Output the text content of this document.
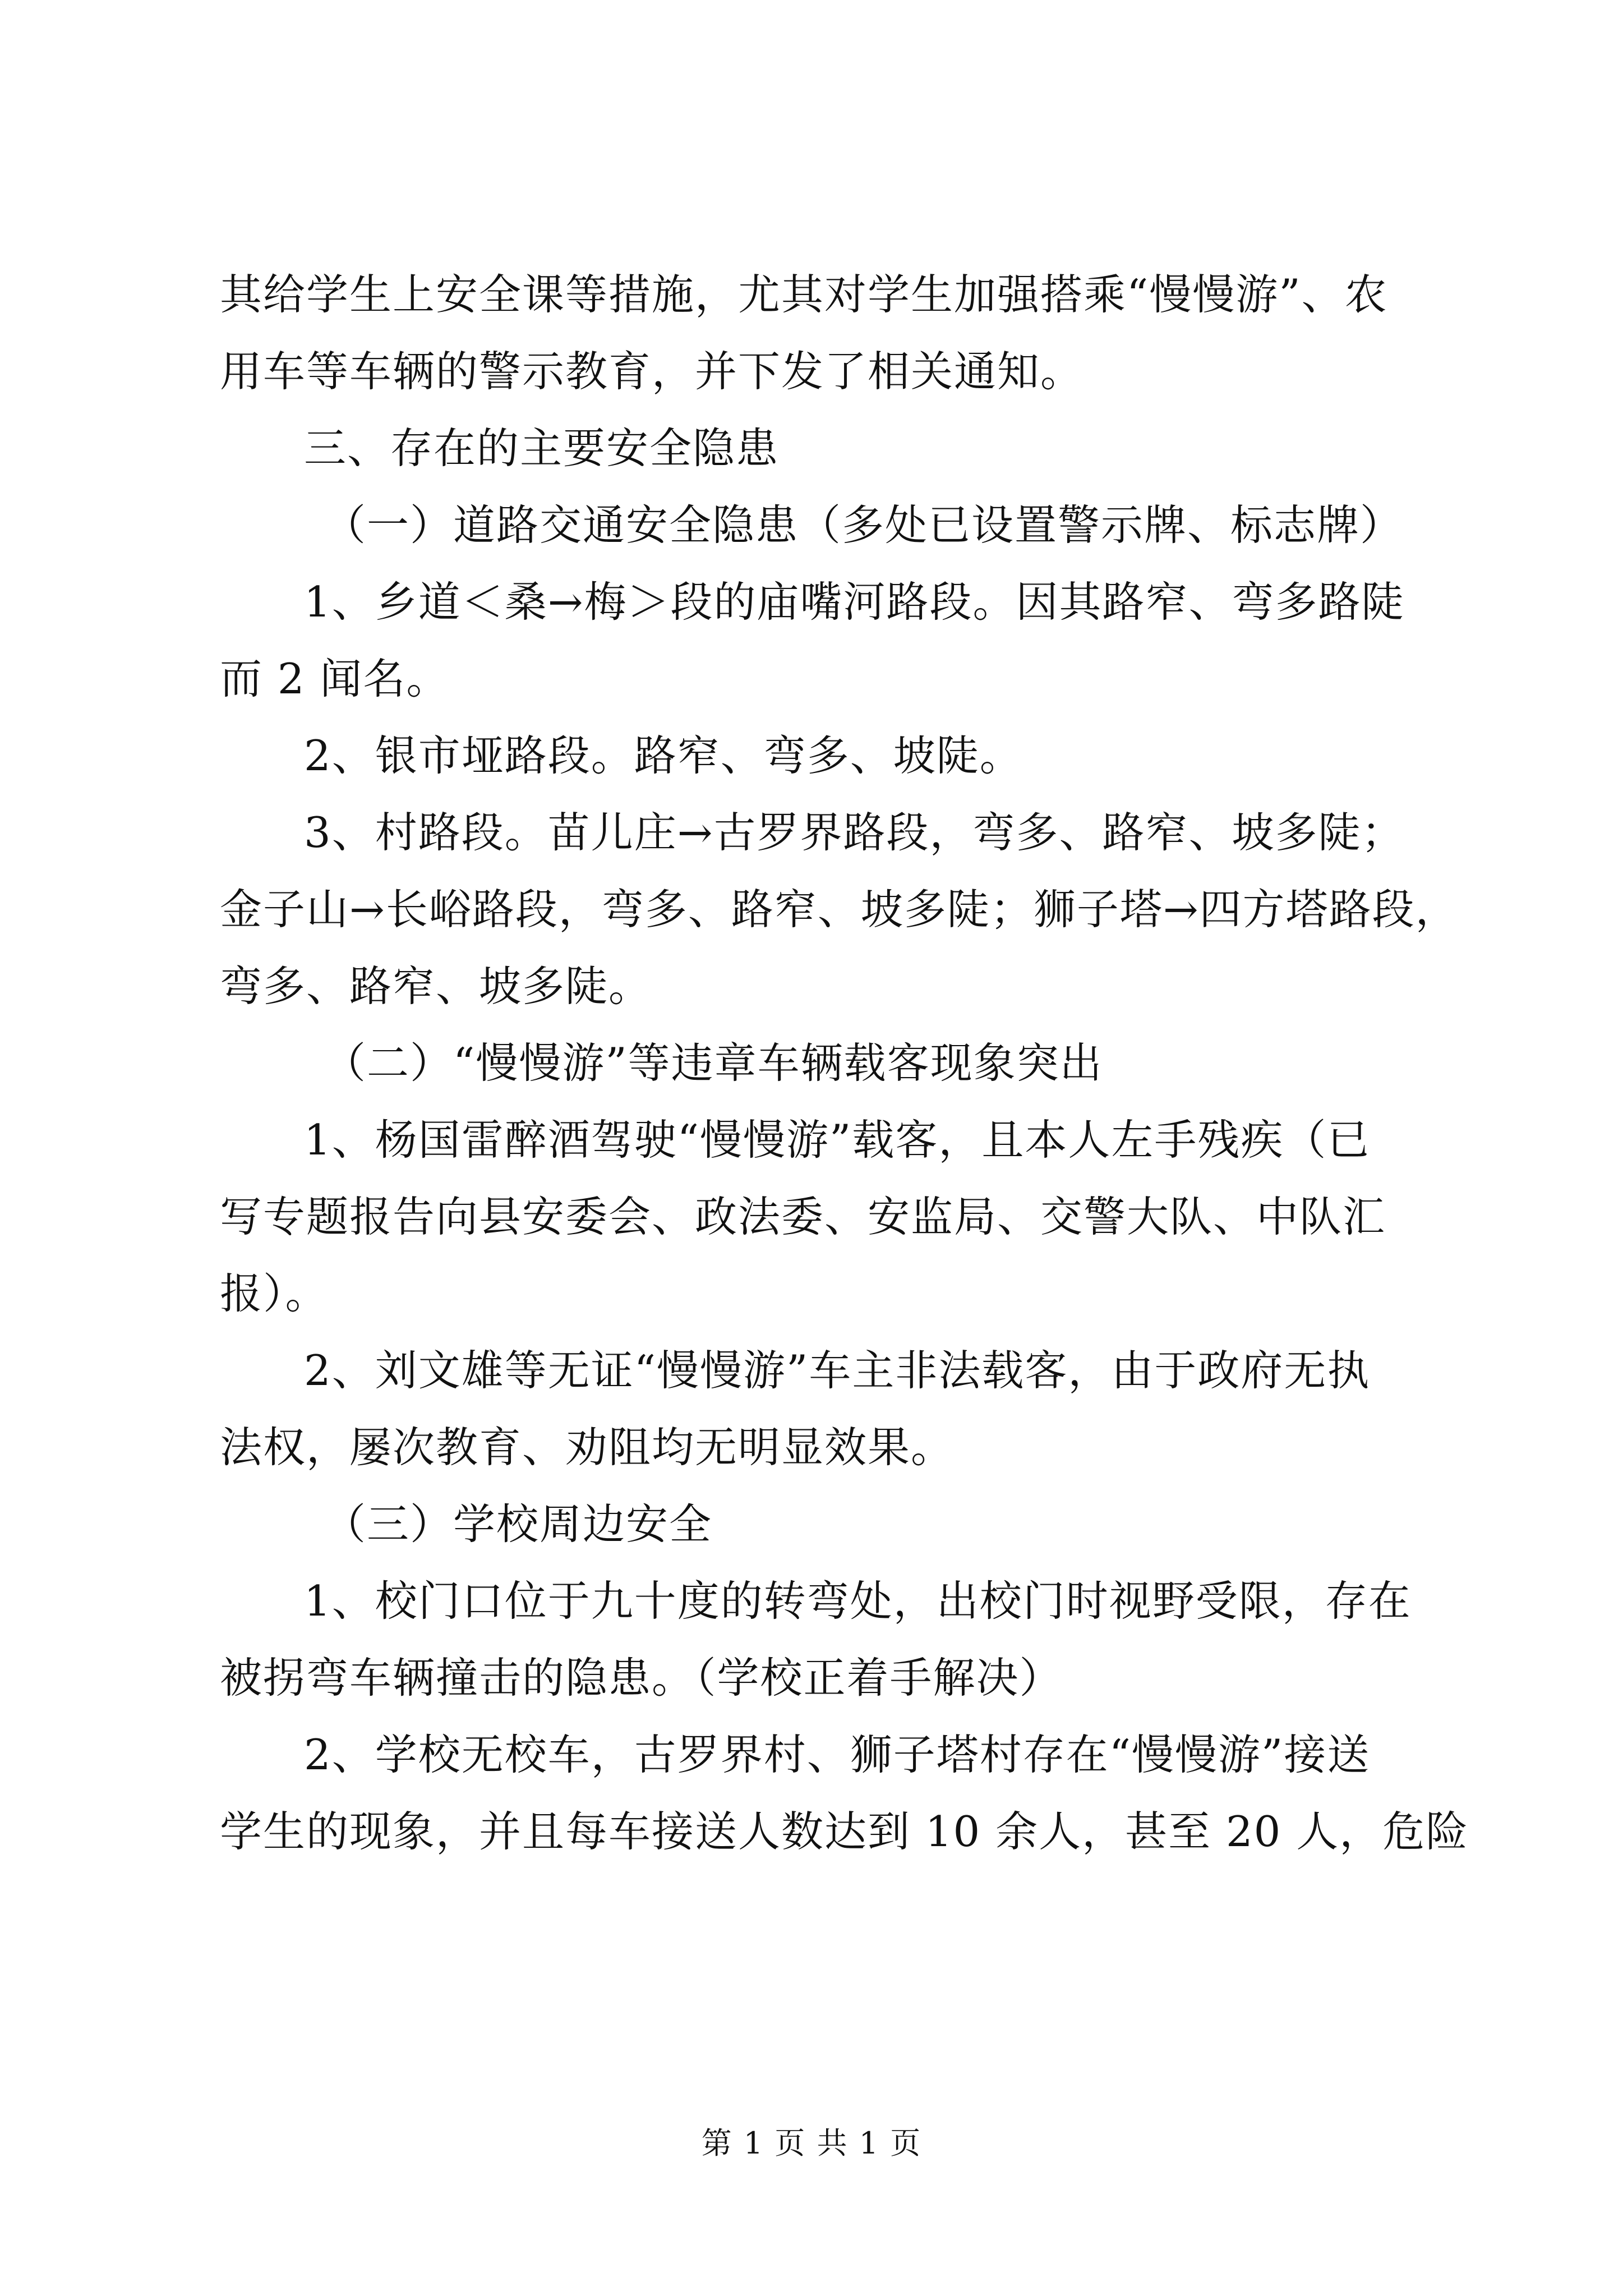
其给学生上安全课等措施，尤其对学生加强搭乘“慢慢游”、农
用车等车辆的警示教育，并下发了相关通知。
三、存在的主要安全隐患
（一）道路交通安全隐患（多处已设置警示牌、标志牌）
1、乡道＜桑→梅＞段的庙嘴河路段。因其路窄、弯多路陡
而 2 闻名。
2、银市垭路段。路窄、弯多、坡陡。
3、村路段。苗儿庄→古罗界路段，弯多、路窄、坡多陡；
金子山→长峪路段，弯多、路窄、坡多陡；狮子塔→四方塔路段，
弯多、路窄、坡多陡。
（二）“慢慢游”等违章车辆载客现象突出
1、杨国雷醉酒驾驶“慢慢游”载客，且本人左手残疾（已
写专题报告向县安委会、政法委、安监局、交警大队、中队汇
报）。
2、刘文雄等无证“慢慢游”车主非法载客，由于政府无执
法权，屡次教育、劝阻均无明显效果。
（三）学校周边安全
1、校门口位于九十度的转弯处，出校门时视野受限，存在
被拐弯车辆撞击的隐患。（学校正着手解决）
2、学校无校车，古罗界村、狮子塔村存在“慢慢游”接送
学生的现象，并且每车接送人数达到 10 余人，甚至 20 人，危险
第 1 页 共 1 页
